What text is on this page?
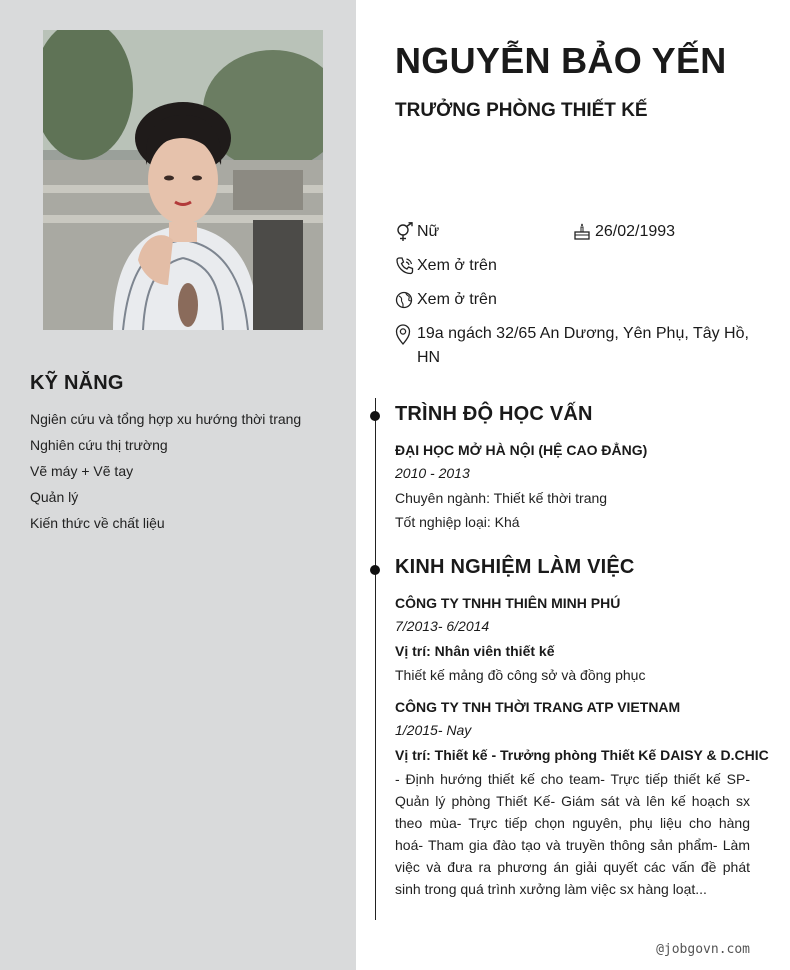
KỸ NĂNG
Ngiên cứu và tổng hợp xu hướng thời trang
Nghiên cứu thị trường
Vẽ máy + Vẽ tay
Quản lý
Kiến thức về chất liệu
NGUYỄN BẢO YẾN
TRƯỞNG PHÒNG THIẾT KẾ
Nữ	26/02/1993
Xem ở trên
Xem ở trên
19a ngách 32/65 An Dương, Yên Phụ, Tây Hồ, HN
TRÌNH ĐỘ HỌC VẤN
ĐẠI HỌC MỞ HÀ NỘI (HỆ CAO ĐẲNG)
2010 - 2013
Chuyên ngành: Thiết kế thời trang
Tốt nghiệp loại: Khá
KINH NGHIỆM LÀM VIỆC
CÔNG TY TNHH THIÊN MINH PHÚ
7/2013- 6/2014
Vị trí: Nhân viên thiết kế
Thiết kế mảng đồ công sở và đồng phục
CÔNG TY TNH THỜI TRANG ATP VIETNAM
1/2015- Nay
Vị trí: Thiết kế - Trưởng phòng Thiết Kế DAISY & D.CHIC

- Định hướng thiết kế cho team- Trực tiếp thiết kế SP- Quản lý phòng Thiết Kế- Giám sát và lên kế hoạch sx theo mùa- Trực tiếp chọn nguyên, phụ liệu cho hàng hoá- Tham gia đào tạo và truyền thông sản phẩm- Làm việc và đưa ra phương án giải quyết các vấn đề phát sinh trong quá trình xưởng làm việc sx hàng loạt...

@jobgovn.com
